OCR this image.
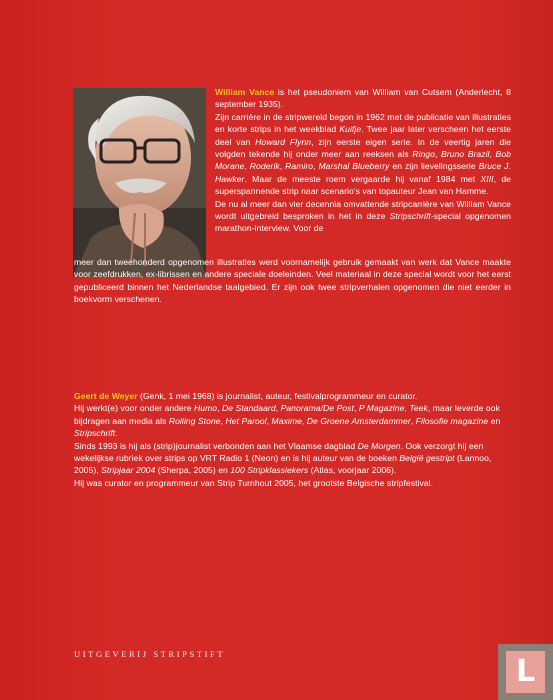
William Vance is het pseudoniem van William van Cutsem (Anderlecht, 8 september 1935).
Zijn carrière in de stripwereld begon in 1962 met de publicatie van illustraties en korte strips in het weekblad Kuifje. Twee jaar later verscheen het eerste deel van Howard Flynn, zijn eerste eigen serie. In de veertig jaren die volgden tekende hij onder meer aan reeksen als Ringo, Bruno Brazil, Bob Morane, Roderik, Ramiro, Marshal Blueberry en zijn lievelingsserie Bruce J. Hawker. Maar de meeste roem vergaarde hij vanaf 1984 met XIII, de superspannende strip naar scenario’s van topauteur Jean van Hamme.

De nu al meer dan vier decennia omvattende stripcarrière van William Vance wordt uitgebreid besproken in het in deze Stripschrift-special opgenomen marathon-interview. Voor de

meer dan tweehonderd opgenomen illustraties werd voornamelijk gebruik gemaakt van werk dat Vance maakte voor zeefdrukken, ex-librissen en andere speciale doeleinden. Veel materiaal in deze special wordt voor het eerst gepubliceerd binnen het Nederlandse taalgebied. Er zijn ook twee stripverhalen opgenomen die niet eerder in boekvorm verschenen.

Geert de Weyer (Genk, 1 mei 1968) is journalist, auteur, festivalprogrammeur en curator.

Hij werkt(e) voor onder andere Humo, De Standaard, Panorama/De Post, P Magazine, Teek, maar leverde ook bijdragen aan media als Rolling Stone, Het Parool, Maxime, De Groene Amsterdammer, Filosofie magazine en Stripschrift.

Sinds 1993 is hij als (strip)journalist verbonden aan het Vlaamse dagblad De Morgen. Ook verzorgt hij een wekelijkse rubriek over strips op VRT Radio 1 (Neon) en is hij auteur van de boeken België gestript (Lannoo, 2005), Stripjaar 2004 (Sherpa, 2005) en 100 Stripklassiekers (Atlas, voorjaar 2006).

Hij was curator en programmeur van Strip Turnhout 2005, het grootste Belgische stripfestival.

UITGEVERIJ STRIPSTIFT	L
